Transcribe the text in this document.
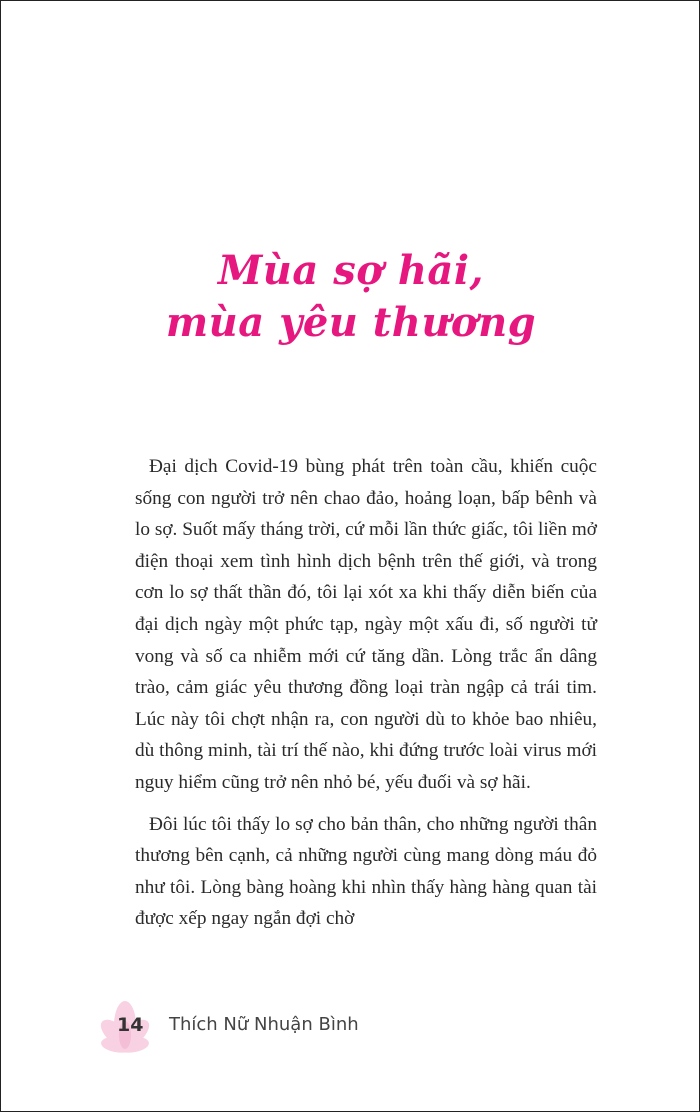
Mùa sợ hãi,
mùa yêu thương

Đại dịch Covid-19 bùng phát trên toàn cầu, khiến cuộc sống con người trở nên chao đảo, hoảng loạn, bấp bênh và lo sợ. Suốt mấy tháng trời, cứ mỗi lần thức giấc, tôi liền mở điện thoại xem tình hình dịch bệnh trên thế giới, và trong cơn lo sợ thất thần đó, tôi lại xót xa khi thấy diễn biến của đại dịch ngày một phức tạp, ngày một xấu đi, số người tử vong và số ca nhiễm mới cứ tăng dần. Lòng trắc ẩn dâng trào, cảm giác yêu thương đồng loại tràn ngập cả trái tim. Lúc này tôi chợt nhận ra, con người dù to khỏe bao nhiêu, dù thông minh, tài trí thế nào, khi đứng trước loài virus mới nguy hiểm cũng trở nên nhỏ bé, yếu đuối và sợ hãi.

Đôi lúc tôi thấy lo sợ cho bản thân, cho những người thân thương bên cạnh, cả những người cùng mang dòng máu đỏ như tôi. Lòng bàng hoàng khi nhìn thấy hàng hàng quan tài được xếp ngay ngắn đợi chờ

14 Thích Nữ Nhuận Bình
